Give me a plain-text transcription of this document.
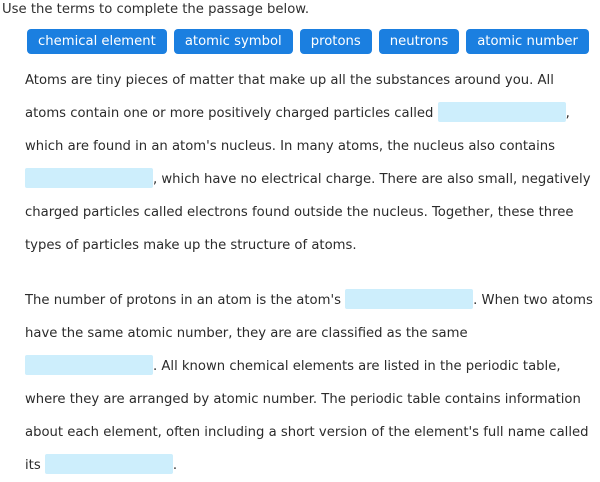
Use the terms to complete the passage below.
chemical element	atomic symbol	protons	neutrons	atomic number

Atoms are tiny pieces of matter that make up all the substances around you. All atoms contain one or more positively charged particles called	, which are found in an atom's nucleus. In many atoms, the nucleus also contains , which have no electrical charge. There are also small, negatively charged particles called electrons found outside the nucleus. Together, these three types of particles make up the structure of atoms.

The number of protons in an atom is the atom's	. When two atoms have the same atomic number, they are are classified as the same . All known chemical elements are listed in the periodic table, where they are arranged by atomic number. The periodic table contains information about each element, often including a short version of the element's full name called its	.
